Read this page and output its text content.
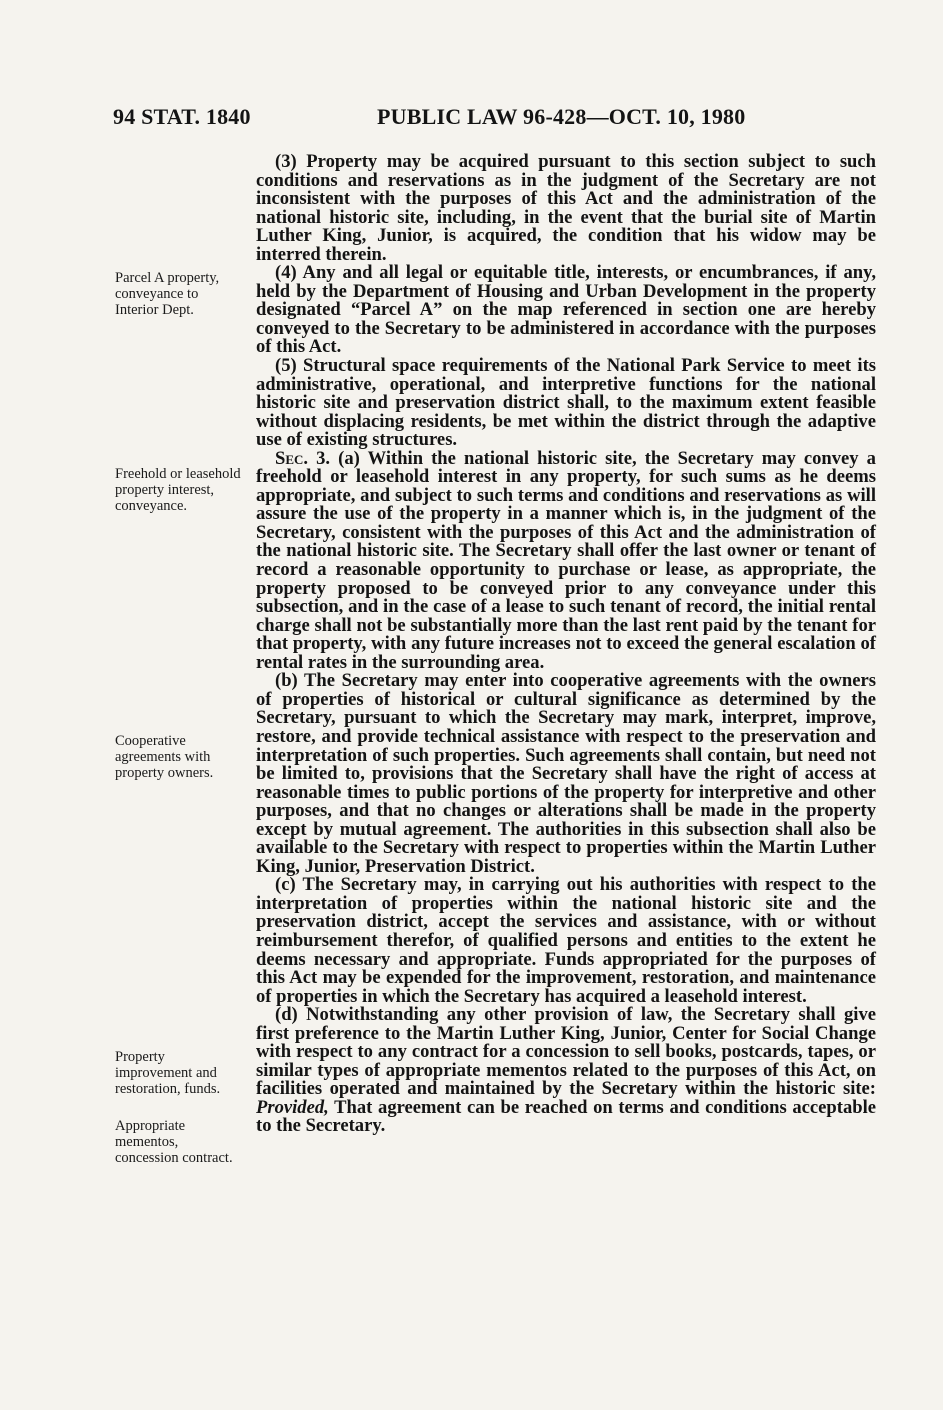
94 STAT. 1840	PUBLIC LAW 96-428—OCT. 10, 1980
Parcel A property, conveyance to Interior Dept.
Freehold or leasehold property interest, conveyance.
Cooperative agreements with property owners.
Property improvement and restoration, funds.
Appropriate mementos, concession contract.

(3) Property may be acquired pursuant to this section subject to such conditions and reservations as in the judgment of the Secretary are not inconsistent with the purposes of this Act and the administration of the national historic site, including, in the event that the burial site of Martin Luther King, Junior, is acquired, the condition that his widow may be interred therein.

(4) Any and all legal or equitable title, interests, or encumbrances, if any, held by the Department of Housing and Urban Development in the property designated “Parcel A” on the map referenced in section one are hereby conveyed to the Secretary to be administered in accordance with the purposes of this Act.

(5) Structural space requirements of the National Park Service to meet its administrative, operational, and interpretive functions for the national historic site and preservation district shall, to the maximum extent feasible without displacing residents, be met within the district through the adaptive use of existing structures.

Sec. 3. (a) Within the national historic site, the Secretary may convey a freehold or leasehold interest in any property, for such sums as he deems appropriate, and subject to such terms and conditions and reservations as will assure the use of the property in a manner which is, in the judgment of the Secretary, consistent with the purposes of this Act and the administration of the national historic site. The Secretary shall offer the last owner or tenant of record a reasonable opportunity to purchase or lease, as appropriate, the property proposed to be conveyed prior to any conveyance under this subsection, and in the case of a lease to such tenant of record, the initial rental charge shall not be substantially more than the last rent paid by the tenant for that property, with any future increases not to exceed the general escalation of rental rates in the surrounding area.

(b) The Secretary may enter into cooperative agreements with the owners of properties of historical or cultural significance as determined by the Secretary, pursuant to which the Secretary may mark, interpret, improve, restore, and provide technical assistance with respect to the preservation and interpretation of such properties. Such agreements shall contain, but need not be limited to, provisions that the Secretary shall have the right of access at reasonable times to public portions of the property for interpretive and other purposes, and that no changes or alterations shall be made in the property except by mutual agreement. The authorities in this subsection shall also be available to the Secretary with respect to properties within the Martin Luther King, Junior, Preservation District.

(c) The Secretary may, in carrying out his authorities with respect to the interpretation of properties within the national historic site and the preservation district, accept the services and assistance, with or without reimbursement therefor, of qualified persons and entities to the extent he deems necessary and appropriate. Funds appropriated for the purposes of this Act may be expended for the improvement, restoration, and maintenance of properties in which the Secretary has acquired a leasehold interest.

(d) Notwithstanding any other provision of law, the Secretary shall give first preference to the Martin Luther King, Junior, Center for Social Change with respect to any contract for a concession to sell books, postcards, tapes, or similar types of appropriate mementos related to the purposes of this Act, on facilities operated and maintained by the Secretary within the historic site: Provided, That agreement can be reached on terms and conditions acceptable to the Secretary.
